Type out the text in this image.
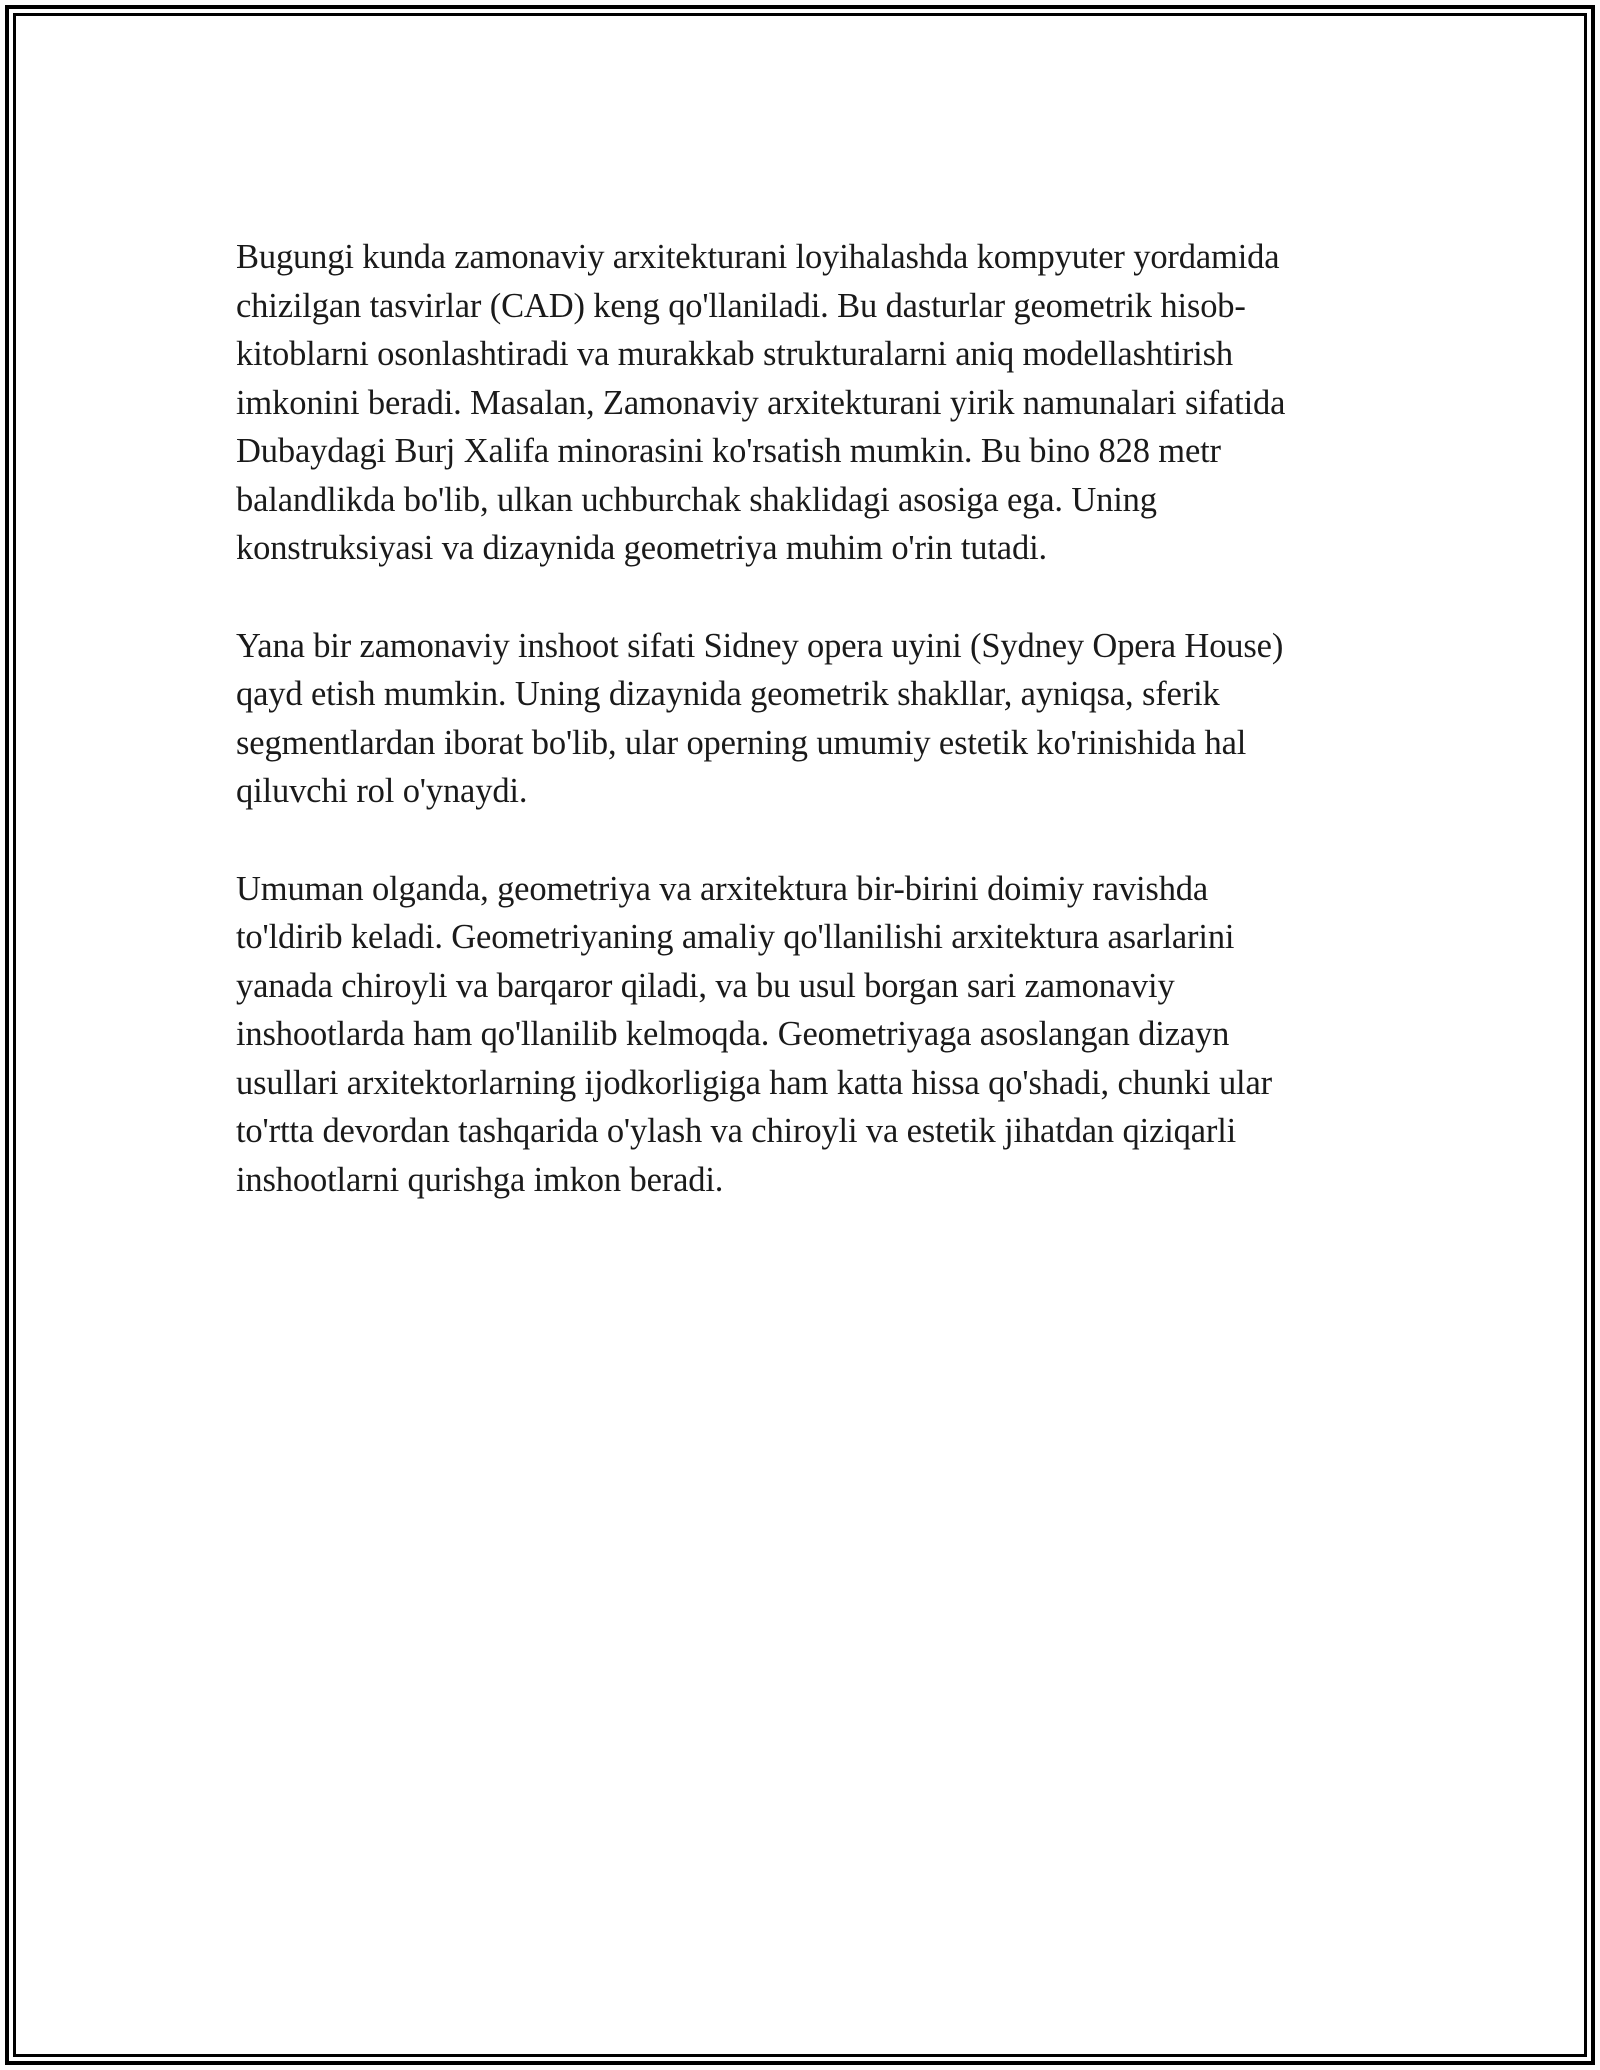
Bugungi kunda zamonaviy arxitekturani loyihalashda kompyuter yordamida
chizilgan tasvirlar (CAD) keng qo'llaniladi. Bu dasturlar geometrik hisob-
kitoblarni osonlashtiradi va murakkab strukturalarni aniq modellashtirish
imkonini beradi. Masalan, Zamonaviy arxitekturani yirik namunalari sifatida
Dubaydagi Burj Xalifa minorasini ko'rsatish mumkin. Bu bino 828 metr
balandlikda bo'lib, ulkan uchburchak shaklidagi asosiga ega. Uning
konstruksiyasi va dizaynida geometriya muhim o'rin tutadi.

Yana bir zamonaviy inshoot sifati Sidney opera uyini (Sydney Opera House)
qayd etish mumkin. Uning dizaynida geometrik shakllar, ayniqsa, sferik
segmentlardan iborat bo'lib, ular operning umumiy estetik ko'rinishida hal
qiluvchi rol o'ynaydi.

Umuman olganda, geometriya va arxitektura bir-birini doimiy ravishda
to'ldirib keladi. Geometriyaning amaliy qo'llanilishi arxitektura asarlarini
yanada chiroyli va barqaror qiladi, va bu usul borgan sari zamonaviy
inshootlarda ham qo'llanilib kelmoqda. Geometriyaga asoslangan dizayn
usullari arxitektorlarning ijodkorligiga ham katta hissa qo'shadi, chunki ular
to'rtta devordan tashqarida o'ylash va chiroyli va estetik jihatdan qiziqarli
inshootlarni qurishga imkon beradi.
